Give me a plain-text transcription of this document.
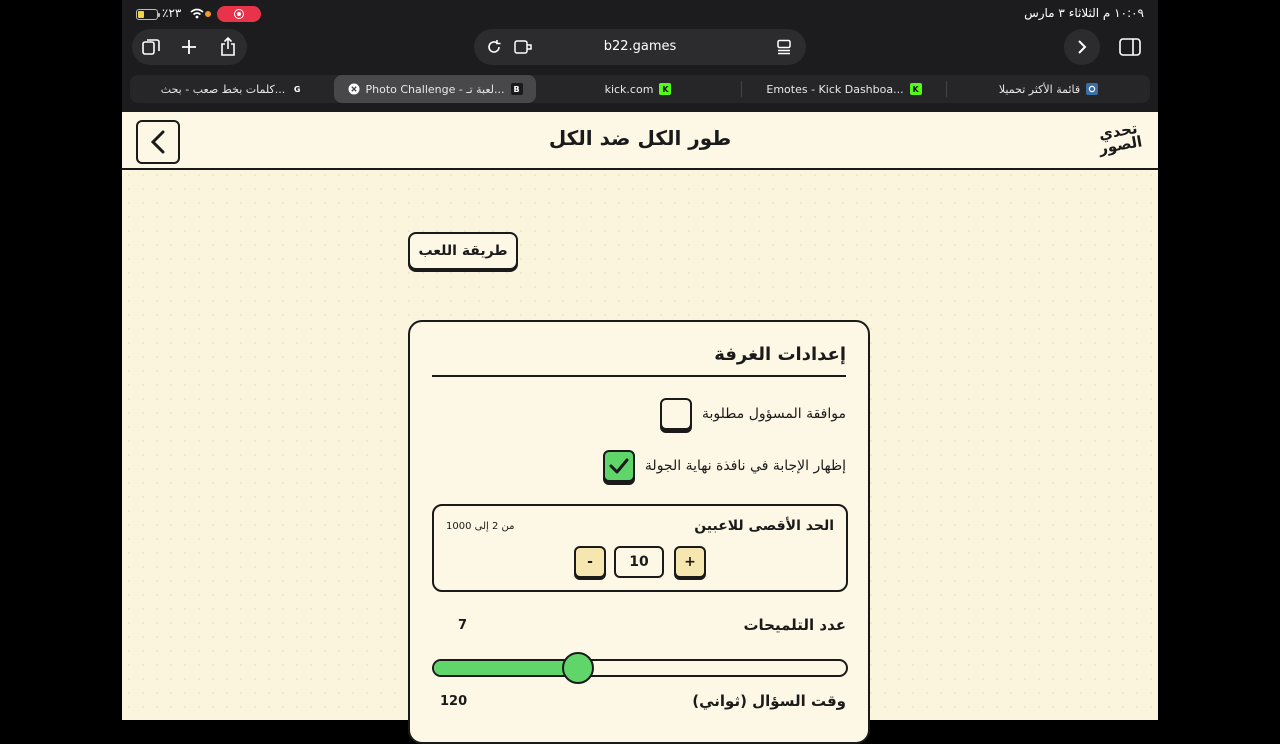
٪٢٣	١٠:٠٩ م الثلاثاء ٣ مارس
b22.games
كلمات بخط صعب - بحث...	G	Photo Challenge - لعبة تـ...	B	kick.com	K	Emotes - Kick Dashboa...	K	قائمة الأكثر تحميلا
طور الكل ضد الكل	تحدي الصور
طريقة اللعب
إعدادات الغرفة
موافقة المسؤول مطلوبة
إظهار الإجابة في نافذة نهاية الجولة
الحد الأقصى للاعبين
من 2 إلى 1000
-	10	+
عدد التلميحات
7
وقت السؤال (ثواني)
120
